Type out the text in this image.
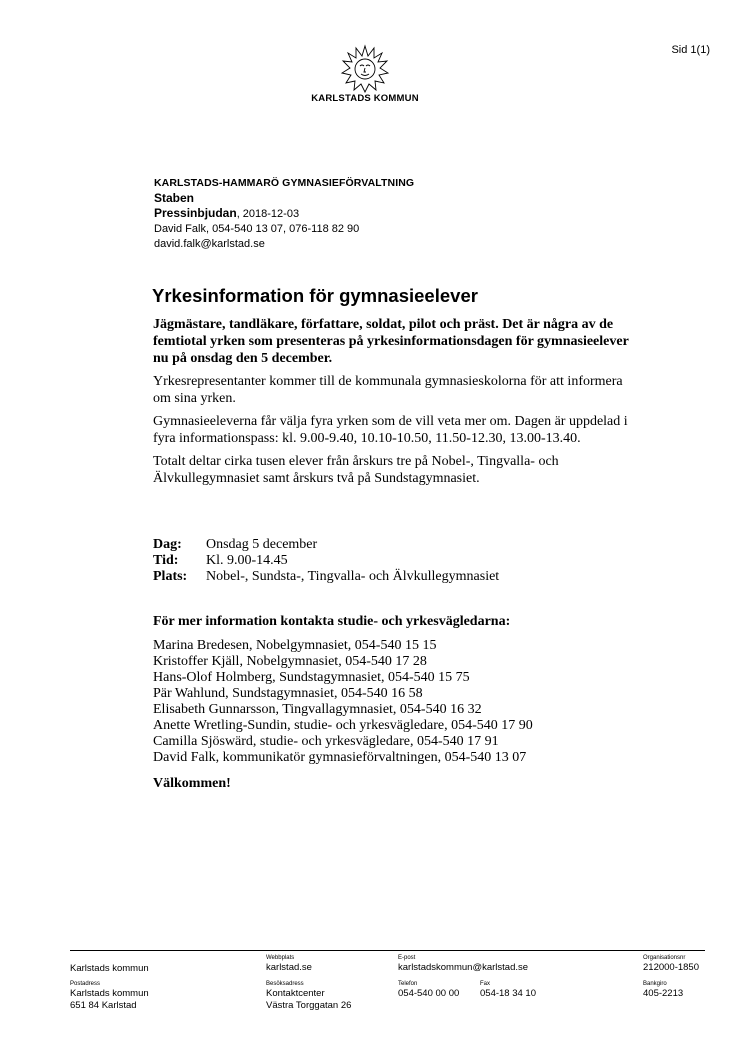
Sid 1(1)
KARLSTADS KOMMUN
KARLSTADS-HAMMARÖ GYMNASIEFÖRVALTNING
Staben
Pressinbjudan, 2018-12-03
David Falk, 054-540 13 07, 076-118 82 90
david.falk@karlstad.se
Yrkesinformation för gymnasieelever

Jägmästare, tandläkare, författare, soldat, pilot och präst. Det är några av de femtiotal yrken som presenteras på yrkesinformationsdagen för gymnasieelever nu på onsdag den 5 december.

Yrkesrepresentanter kommer till de kommunala gymnasieskolorna för att informera om sina yrken.

Gymnasieeleverna får välja fyra yrken som de vill veta mer om. Dagen är uppdelad i fyra informationspass: kl. 9.00-9.40, 10.10-10.50, 11.50-12.30, 13.00-13.40.

Totalt deltar cirka tusen elever från årskurs tre på Nobel-, Tingvalla- och Älvkullegymnasiet samt årskurs två på Sundstagymnasiet.

Dag:	Onsdag 5 december
Tid:	Kl. 9.00-14.45
Plats:	Nobel-, Sundsta-, Tingvalla- och Älvkullegymnasiet
För mer information kontakta studie- och yrkesvägledarna:
Marina Bredesen, Nobelgymnasiet, 054-540 15 15
Kristoffer Kjäll, Nobelgymnasiet, 054-540 17 28
Hans-Olof Holmberg, Sundstagymnasiet, 054-540 15 75
Pär Wahlund, Sundstagymnasiet, 054-540 16 58
Elisabeth Gunnarsson, Tingvallagymnasiet, 054-540 16 32
Anette Wretling-Sundin, studie- och yrkesvägledare, 054-540 17 90
Camilla Sjöswärd, studie- och yrkesvägledare, 054-540 17 91
David Falk, kommunikatör gymnasieförvaltningen, 054-540 13 07
Välkommen!
Karlstads kommun
Webbplats
karlstad.se
E-post
karlstadskommun@karlstad.se
Organisationsnr
212000-1850
Postadress
Karlstads kommun
651 84 Karlstad
Besöksadress
Kontaktcenter
Västra Torggatan 26
Telefon
054-540 00 00
Fax
054-18 34 10
Bankgiro
405-2213
